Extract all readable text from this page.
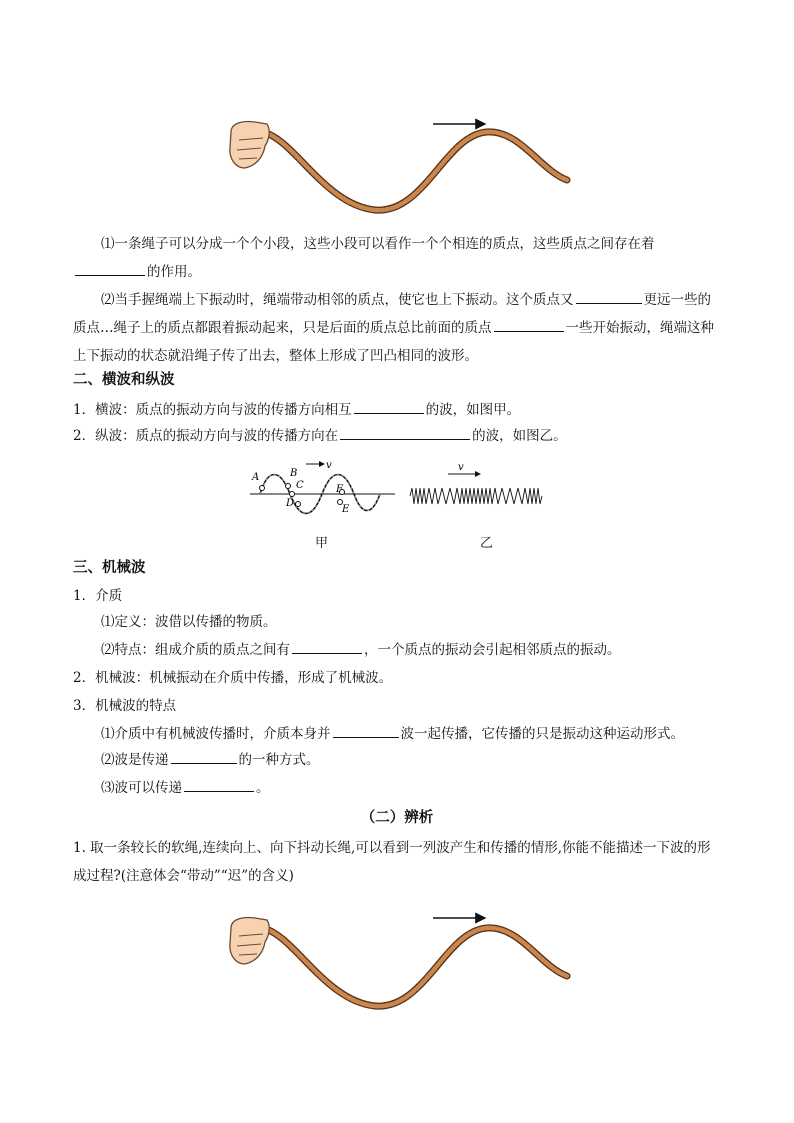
⑴一条绳子可以分成一个个小段，这些小段可以看作一个个相连的质点，这些质点之间存在着的作用。
⑵当手握绳端上下振动时，绳端带动相邻的质点，使它也上下振动。这个质点又	更远一些的质点…绳子上的质点都跟着振动起来，只是后面的质点总比前面的质点	一些开始振动，绳端这种上下振动的状态就沿绳子传了出去，整体上形成了凹凸相同的波形。
二、横波和纵波
1．横波：质点的振动方向与波的传播方向相互	的波，如图甲。
2．纵波：质点的振动方向与波的传播方向在	的波，如图乙。
v
A	B
C
D
E
F
v
甲	乙
三、机械波
1．介质
⑴定义：波借以传播的物质。
⑵特点：组成介质的质点之间有	，一个质点的振动会引起相邻质点的振动。
2．机械波：机械振动在介质中传播，形成了机械波。
3．机械波的特点
⑴介质中有机械波传播时，介质本身并	波一起传播，它传播的只是振动这种运动形式。
⑵波是传递	的一种方式。
⑶波可以传递	。
（二）辨析
1. 取一条较长的软绳,连续向上、向下抖动长绳,可以看到一列波产生和传播的情形,你能不能描述一下波的形成过程?(注意体会“带动”“迟”的含义)
